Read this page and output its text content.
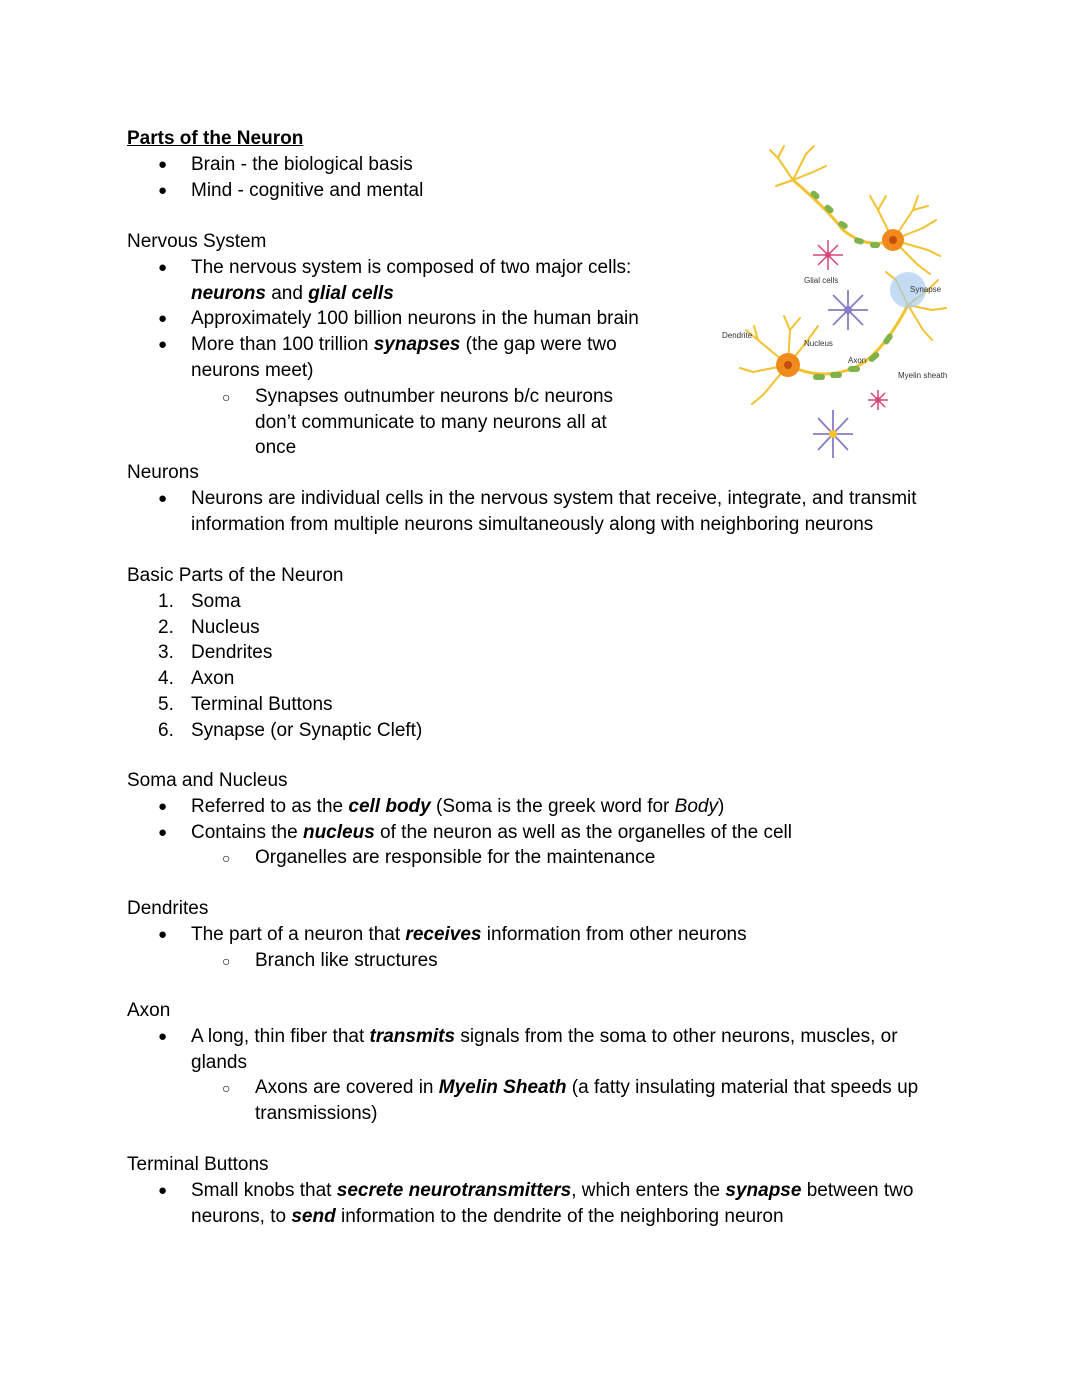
Parts of the Neuron
● Brain - the biological basis
● Mind - cognitive and mental
Nervous System
● The nervous system is composed of two major cells:
neurons and glial cells
● Approximately 100 billion neurons in the human brain
● More than 100 trillion synapses (the gap were two neurons meet)
○ Synapses outnumber neurons b/c neurons don’t communicate to many neurons all at once
Glial cells
Dendrite
Nucleus
Axon
Synapse
Myelin sheath
Neurons
● Neurons are individual cells in the nervous system that receive, integrate, and transmit information from multiple neurons simultaneously along with neighboring neurons
Basic Parts of the Neuron
1. Soma
2. Nucleus
3. Dendrites
4. Axon
5. Terminal Buttons
6. Synapse (or Synaptic Cleft)
Soma and Nucleus
● Referred to as the cell body (Soma is the greek word for Body)
● Contains the nucleus of the neuron as well as the organelles of the cell
○ Organelles are responsible for the maintenance
Dendrites
● The part of a neuron that receives information from other neurons
○ Branch like structures
Axon
● A long, thin fiber that transmits signals from the soma to other neurons, muscles, or glands
○ Axons are covered in Myelin Sheath (a fatty insulating material that speeds up transmissions)
Terminal Buttons
● Small knobs that secrete neurotransmitters, which enters the synapse between two neurons, to send information to the dendrite of the neighboring neuron
